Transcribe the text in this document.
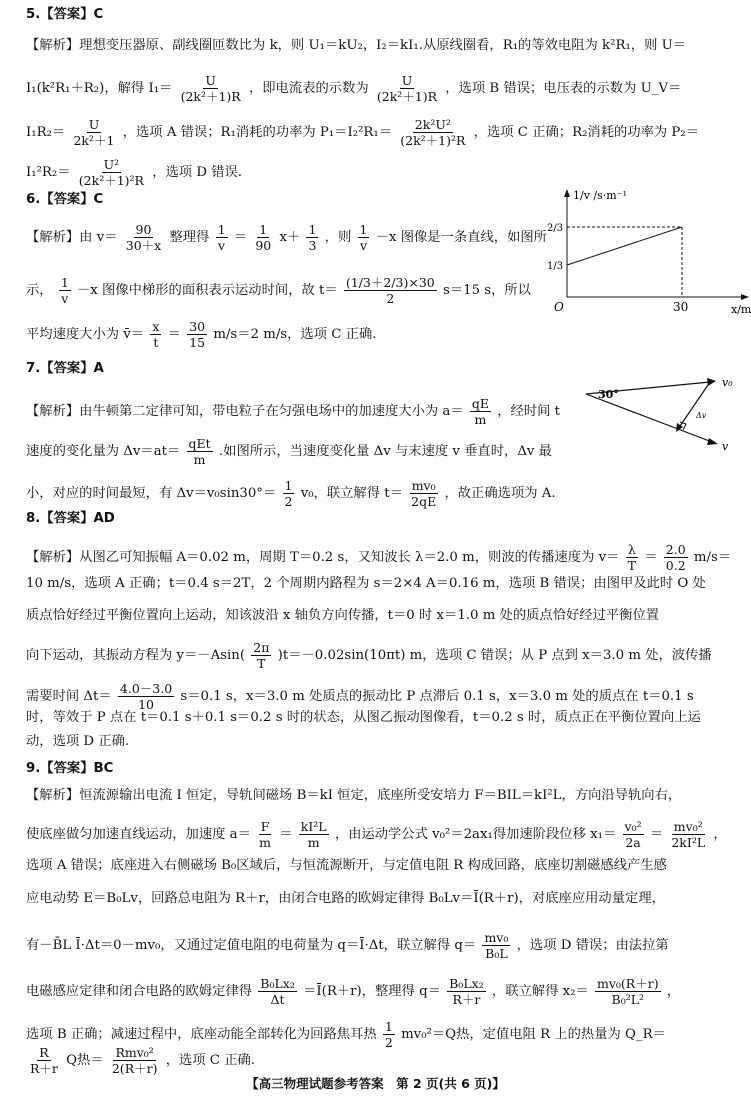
5.【答案】C
【解析】理想变压器原、副线圈匝数比为 k，则 U₁＝kU₂，I₂＝kI₁.从原线圈看，R₁的等效电阻为 k²R₁，则 U＝
I₁(k²R₁＋R₂)，解得 $I_1= \frac{U}{\text{(2k²＋1)R}}$ ，即电流表的示数为 $\frac{U}{\text{(2k²＋1)R}}$ ，选项 B 错误；电压表的示数为 U_V＝
$I_1R_2= \frac{U}{\text{2k²＋1}}$ ，选项 A 错误；R₁消耗的功率为 $P_1=I_2^2R_1= \frac{\text{2k²U²}}{\text{(2k²＋1)²R}}$ ，选项 C 正确；R₂消耗的功率为 P₂＝
$I_1^2R_2= \frac{\text{U²}}{\text{(2k²＋1)²R}}$ ，选项 D 错误.
6.【答案】C
【解析】由 $v= \frac{90}{30+x}$ 整理得 $\frac{1}{v} = \frac{1}{90} x+ \frac{1}{3}$ ，则 $\frac{1}{v} -x$ 图像是一条直线，如图所
示， $\frac{1}{v} -x$ 图像中梯形的面积表示运动时间，故 $t= \frac{(1/3+2/3)\times 30}{2} s=15$ s，所以
平均速度大小为 v̄＝ $\frac{x}{t} = \frac{30}{15} m/s=2$ m/s，选项 C 正确.
1/v /s·m⁻¹
x/m
O	30
1/3
2/3
7.【答案】A
【解析】由牛顿第二定律可知，带电粒子在匀强电场中的加速度大小为 $a= \frac{qE}{m}$ ，经时间 t
速度的变化量为 $\Delta v=at= \frac{\text{qEt}}{m}$ .如图所示，当速度变化量 Δv 与末速度 v 垂直时，Δv 最
小，对应的时间最短，有 $\Delta v=v_0\sin 30^\circ= \frac{1}{2} v_0$，联立解得 $t= \frac{\text{mv₀}}{2qE}$ ，故正确选项为 A.
30°
v₀
Δv
v
8.【答案】AD
【解析】从图乙可知振幅 A＝0.02 m，周期 T＝0.2 s，又知波长 λ＝2.0 m，则波的传播速度为 $v= \frac{\lambda}{T} = \frac{2.0}{0.2} m/s=$
10 m/s，选项 A 正确；t＝0.4 s＝2T，2 个周期内路程为 s＝2×4 A＝0.16 m，选项 B 错误；由图甲及此时 O 处
质点恰好经过平衡位置向上运动，知该波沿 x 轴负方向传播，t＝0 时 x＝1.0 m 处的质点恰好经过平衡位置
向下运动，其振动方程为 $y=-Asin( \frac{2\pi}{T} )t=-0.02\sin(10\pi t)$ m，选项 C 错误；从 P 点到 x＝3.0 m 处，波传播
需要时间 $\Delta t= \frac{4.0-3.0}{10} s=0.1$ s，x＝3.0 m 处质点的振动比 P 点滞后 0.1 s，x＝3.0 m 处的质点在 t＝0.1 s
时，等效于 P 点在 t＝0.1 s＋0.1 s＝0.2 s 时的状态，从图乙振动图像看，t＝0.2 s 时，质点正在平衡位置向上运
动，选项 D 正确.
9.【答案】BC
【解析】恒流源输出电流 I 恒定，导轨间磁场 B＝kI 恒定，底座所受安培力 F＝BIL＝kI²L，方向沿导轨向右，
使底座做匀加速直线运动，加速度 $a= \frac{F}{m} = \frac{\text{kI²L}}{m}$ ，由运动学公式 v₀²＝2ax₁得加速阶段位移 $x_1= \frac{\text{v₀²}}{2a} = \frac{\text{mv₀²}}{\text{2kI²L}}$ ，
选项 A 错误；底座进入右侧磁场 B₀区域后，与恒流源断开，与定值电阻 R 构成回路，底座切割磁感线产生感
应电动势 E＝B₀Lv，回路总电阻为 R＋r，由闭合电路的欧姆定律得 B₀Lv＝Ī(R＋r)，对底座应用动量定理，
有－B̄L Ī·Δt＝0－mv₀，又通过定值电阻的电荷量为 q＝Ī·Δt，联立解得 $q= \frac{\text{mv₀}}{\text{B₀L}}$ ，选项 D 错误；由法拉第
电磁感应定律和闭合电路的欧姆定律得 $\frac{\text{B₀Lx₂}}{\Delta t}$ ＝Ī(R＋r)，整理得 $q= \frac{\text{B₀Lx₂}}{R+r}$ ，联立解得 $x_2= \frac{\text{mv₀(R＋r)}}{\text{B₀²L²}}$ ，
选项 B 正确；减速过程中，底座动能全部转化为回路焦耳热 $\frac{1}{2} mv_0^2=Q$热，定值电阻 R 上的热量为 Q_R＝
$\frac{R}{R+r}$ Q热＝ $\frac{\text{Rmv₀²}}{2(R+r)}$ ，选项 C 正确.
【高三物理试题参考答案　第 2 页(共 6 页)】
